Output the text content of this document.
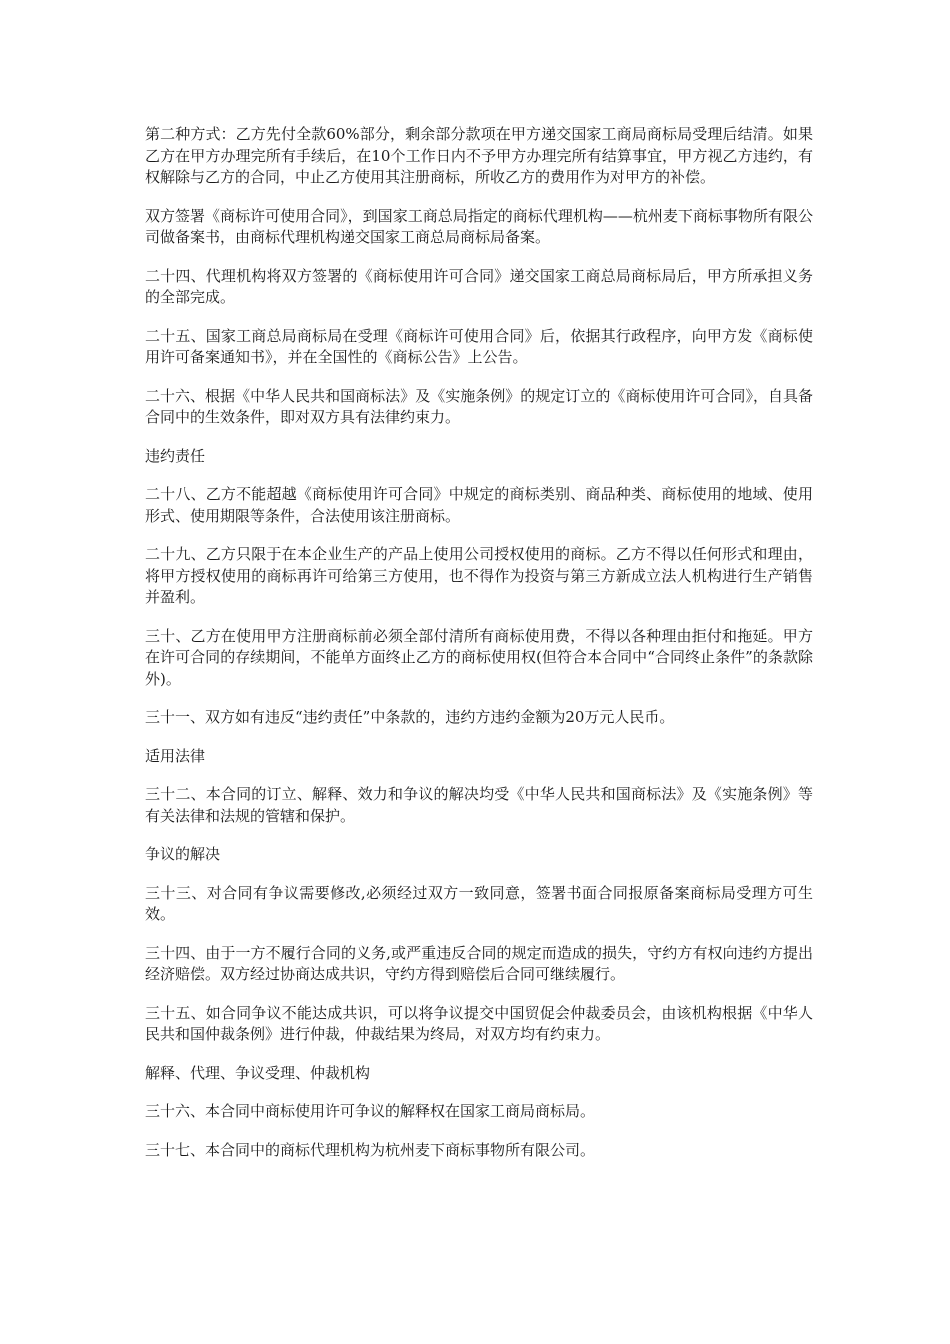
第二种方式：乙方先付全款60%部分，剩余部分款项在甲方递交国家工商局商标局受理后结清。如果乙方在甲方办理完所有手续后，在10个工作日内不予甲方办理完所有结算事宜，甲方视乙方违约，有权解除与乙方的合同，中止乙方使用其注册商标，所收乙方的费用作为对甲方的补偿。

双方签署《商标许可使用合同》，到国家工商总局指定的商标代理机构——杭州麦下商标事物所有限公司做备案书，由商标代理机构递交国家工商总局商标局备案。

二十四、代理机构将双方签署的《商标使用许可合同》递交国家工商总局商标局后，甲方所承担义务的全部完成。

二十五、国家工商总局商标局在受理《商标许可使用合同》后，依据其行政程序，向甲方发《商标使用许可备案通知书》，并在全国性的《商标公告》上公告。

二十六、根据《中华人民共和国商标法》及《实施条例》的规定订立的《商标使用许可合同》，自具备合同中的生效条件，即对双方具有法律约束力。

违约责任

二十八、乙方不能超越《商标使用许可合同》中规定的商标类别、商品种类、商标使用的地域、使用形式、使用期限等条件，合法使用该注册商标。

二十九、乙方只限于在本企业生产的产品上使用公司授权使用的商标。乙方不得以任何形式和理由，将甲方授权使用的商标再许可给第三方使用，也不得作为投资与第三方新成立法人机构进行生产销售并盈利。

三十、乙方在使用甲方注册商标前必须全部付清所有商标使用费，不得以各种理由拒付和拖延。甲方在许可合同的存续期间，不能单方面终止乙方的商标使用权(但符合本合同中“合同终止条件”的条款除外)。

三十一、双方如有违反“违约责任”中条款的，违约方违约金额为20万元人民币。

适用法律

三十二、本合同的订立、解释、效力和争议的解决均受《中华人民共和国商标法》及《实施条例》等有关法律和法规的管辖和保护。

争议的解决

三十三、对合同有争议需要修改,必须经过双方一致同意，签署书面合同报原备案商标局受理方可生效。

三十四、由于一方不履行合同的义务,或严重违反合同的规定而造成的损失，守约方有权向违约方提出经济赔偿。双方经过协商达成共识，守约方得到赔偿后合同可继续履行。

三十五、如合同争议不能达成共识，可以将争议提交中国贸促会仲裁委员会，由该机构根据《中华人民共和国仲裁条例》进行仲裁，仲裁结果为终局，对双方均有约束力。

解释、代理、争议受理、仲裁机构

三十六、本合同中商标使用许可争议的解释权在国家工商局商标局。

三十七、本合同中的商标代理机构为杭州麦下商标事物所有限公司。
